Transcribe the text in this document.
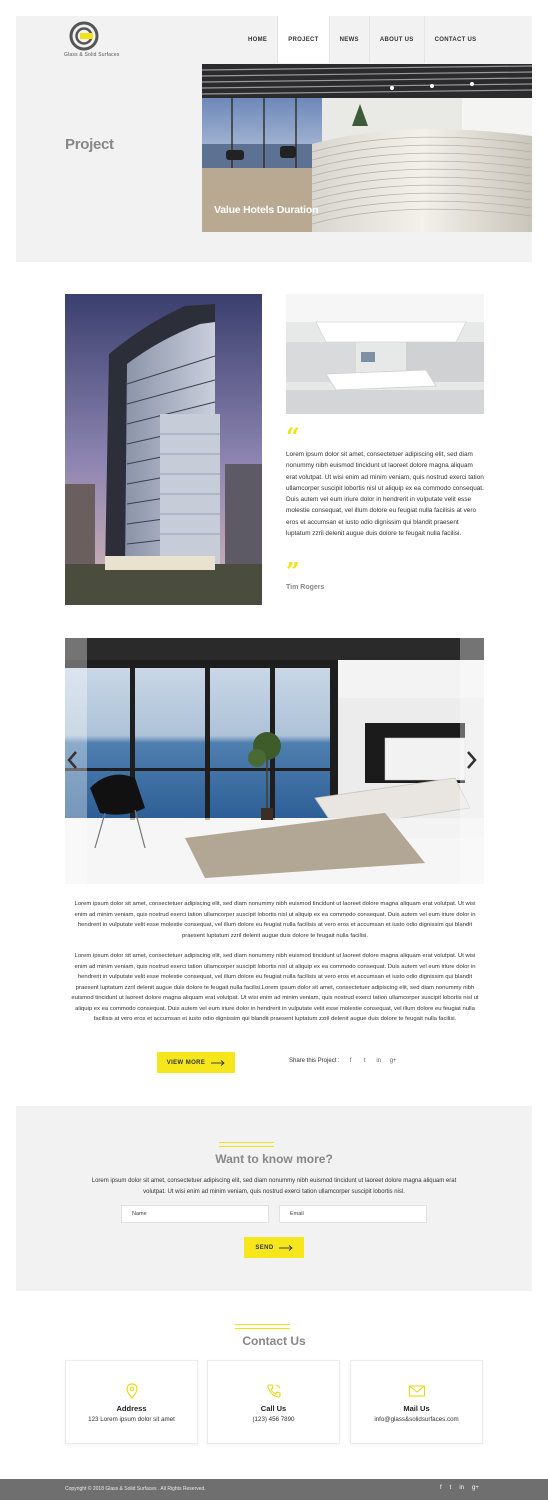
Glass & Solid Surfaces
HOME	PROJECT	NEWS	ABOUT US	CONTACT US
Project
Value Hotels Duration
“

Lorem ipsum dolor sit amet, consectetuer adipiscing elit, sed diam nonummy nibh euismod tincidunt ut laoreet dolore magna aliquam erat volutpat. Ut wisi enim ad minim veniam, quis nostrud exerci tation ullamcorper suscipit lobortis nisl ut aliquip ex ea commodo consequat. Duis autem vel eum iriure dolor in hendrerit in vulputate velit esse molestie consequat, vel illum dolore eu feugiat nulla facilisis at vero eros et accumsan et iusto odio dignissim qui blandit praesent luptatum zzril delenit augue duis dolore te feugait nulla facilisi.

”
Tim Rogers

Lorem ipsum dolor sit amet, consectetuer adipiscing elit, sed diam nonummy nibh euismod tincidunt ut laoreet dolore magna aliquam erat volutpat. Ut wisi enim ad minim veniam, quis nostrud exerci tation ullamcorper suscipit lobortis nisl ut aliquip ex ea commodo consequat. Duis autem vel eum iriure dolor in hendrerit in vulputate velit esse molestie consequat, vel illum dolore eu feugiat nulla facilisis at vero eros et accumsan et iusto odio dignissim qui blandit praesent luptatum zzril delenit augue duis dolore te feugait nulla facilisi.

Lorem ipsum dolor sit amet, consectetuer adipiscing elit, sed diam nonummy nibh euismod tincidunt ut laoreet dolore magna aliquam erat volutpat. Ut wisi enim ad minim veniam, quis nostrud exerci tation ullamcorper suscipit lobortis nisl ut aliquip ex ea commodo consequat. Duis autem vel eum iriure dolor in hendrerit in vulputate velit esse molestie consequat, vel illum dolore eu feugiat nulla facilisis at vero eros et accumsan et iusto odio dignissim qui blandit praesent luptatum zzril delenit augue duis dolore te feugait nulla facilisi.Lorem ipsum dolor sit amet, consectetuer adipiscing elit, sed diam nonummy nibh euismod tincidunt ut laoreet dolore magna aliquam erat volutpat. Ut wisi enim ad minim veniam, quis nostrud exerci tation ullamcorper suscipit lobortis nisl ut aliquip ex ea commodo consequat. Duis autem vel eum iriure dolor in hendrerit in vulputate velit esse molestie consequat, vel illum dolore eu feugiat nulla facilisis at vero eros et accumsan et iusto odio dignissim qui blandit praesent luptatum zzril delenit augue duis dolore te feugait nulla facilisi.

VIEW MORE	Share this Project :	f	t	in g+
Want to know more?

Lorem ipsum dolor sit amet, consectetuer adipiscing elit, sed diam nonummy nibh euismod tincidunt ut laoreet dolore magna aliquam erat volutpat. Ut wisi enim ad minim veniam, quis nostrud exerci tation ullamcorper suscipit lobortis nisl.

Name	Email
SEND
Contact Us
Address
123 Lorem ipsum dolor sit amet
Call Us
(123) 456 7890
Mail Us
info@glass&solidsurfaces.com
Copyright © 2018 Glass & Solid Surfaces . All Rights Reserved.	f t in g+
